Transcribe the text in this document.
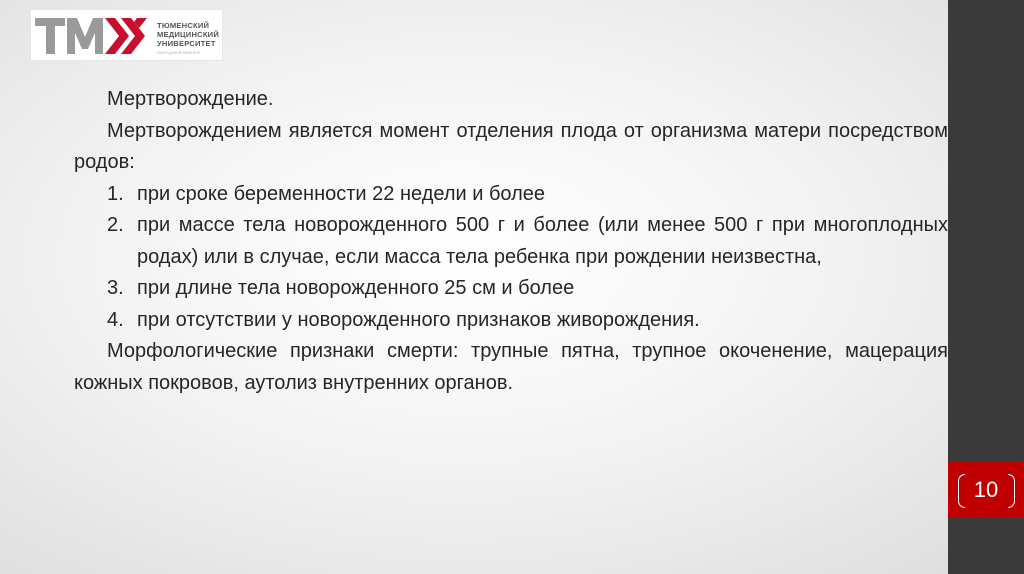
ТЮМЕНСКИЙ
МЕДИЦИНСКИЙ
УНИВЕРСИТЕТ
НАРОДНЫЙ ВРАЧЕЙ

Мертворождение.

Мертворождением является момент отделения плода от организма матери посредством родов:

1. при сроке беременности 22 недели и более
2. при массе тела новорожденного 500 г и более (или менее 500 г при многоплодных родах) или в случае, если масса тела ребенка при рождении неизвестна,
3. при длине тела новорожденного 25 см и более
4. при отсутствии у новорожденного признаков живорождения.

Морфологические признаки смерти: трупные пятна, трупное окоченение, мацерация кожных покровов, аутолиз внутренних органов.

10
